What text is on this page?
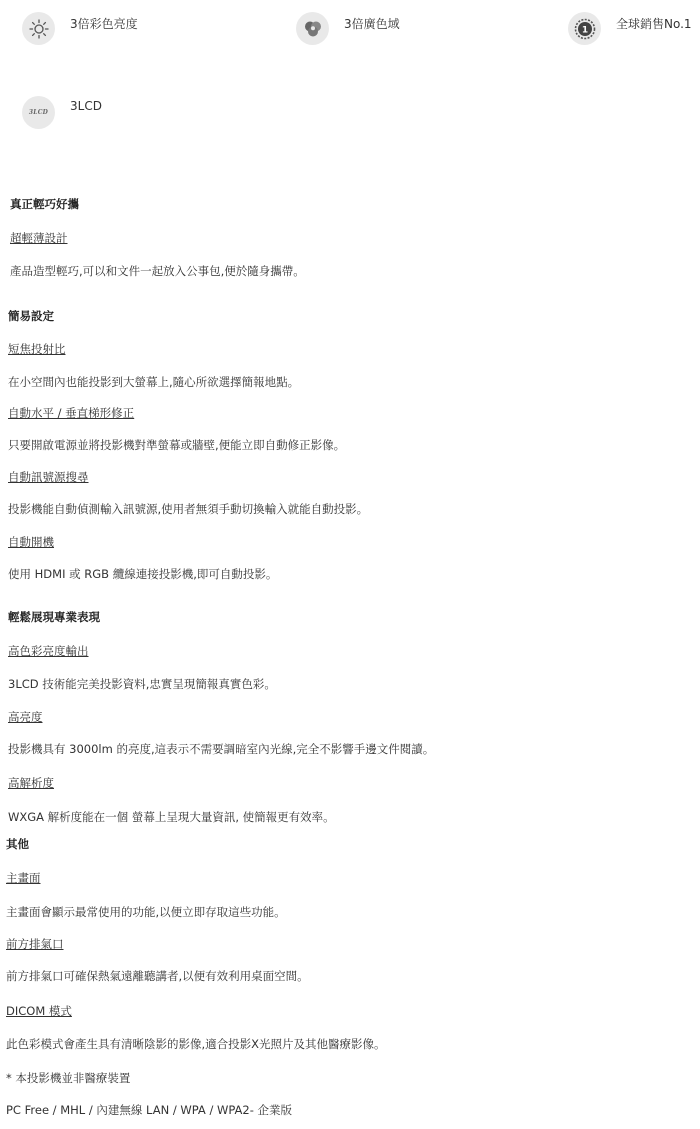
3倍彩色亮度	3倍廣色域	1 全球銷售No.1
3LCD 3LCD
真正輕巧好攜
超輕薄設計
產品造型輕巧,可以和文件一起放入公事包,便於隨身攜帶。
簡易設定
短焦投射比
在小空間內也能投影到大螢幕上,隨心所欲選擇簡報地點。
自動水平 / 垂直梯形修正
只要開啟電源並將投影機對準螢幕或牆壁,便能立即自動修正影像。
自動訊號源搜尋
投影機能自動偵測輸入訊號源,使用者無須手動切換輸入就能自動投影。
自動開機
使用 HDMI 或 RGB 纜線連接投影機,即可自動投影。
輕鬆展現專業表現
高色彩亮度輸出
3LCD 技術能完美投影資料,忠實呈現簡報真實色彩。
高亮度
投影機具有 3000lm 的亮度,這表示不需要調暗室內光線,完全不影響手邊文件閱讀。
高解析度
WXGA 解析度能在一個 螢幕上呈現大量資訊, 使簡報更有效率。
其他
主畫面
主畫面會顯示最常使用的功能,以便立即存取這些功能。
前方排氣口
前方排氣口可確保熱氣遠離聽講者,以便有效利用桌面空間。
DICOM 模式
此色彩模式會產生具有清晰陰影的影像,適合投影X光照片及其他醫療影像。
* 本投影機並非醫療裝置
PC Free / MHL / 內建無線 LAN / WPA / WPA2- 企業版
